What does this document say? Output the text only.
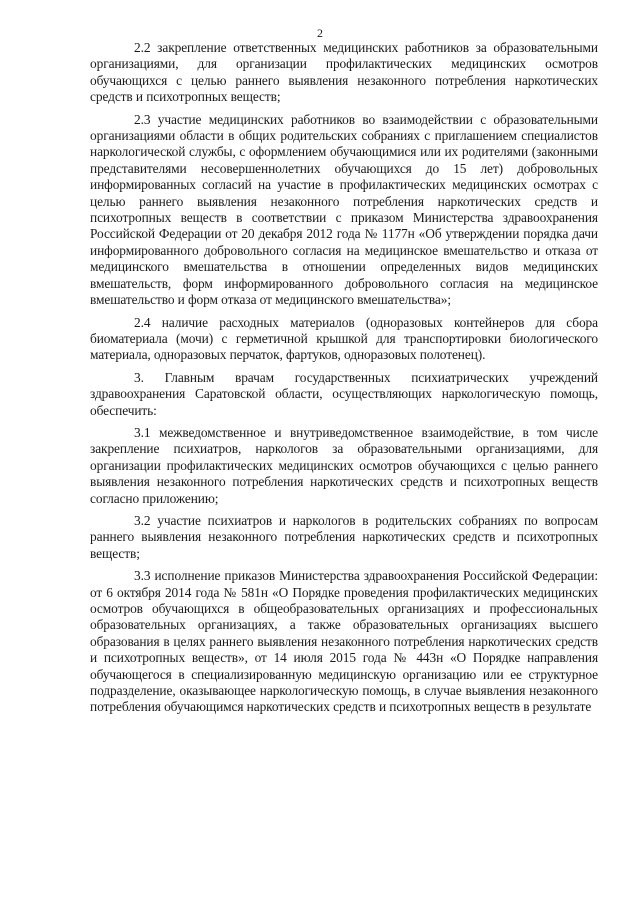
2

2.2 закрепление ответственных медицинских работников за образовательными организациями, для организации профилактических медицинских осмотров обучающихся с целью раннего выявления незаконного потребления наркотических средств и психотропных веществ;

2.3 участие медицинских работников во взаимодействии с образовательными организациями области в общих родительских собраниях с приглашением специалистов наркологической службы, с оформлением обучающимися или их родителями (законными представителями несовершеннолетних обучающихся до 15 лет) добровольных информированных согласий на участие в профилактических медицинских осмотрах с целью раннего выявления незаконного потребления наркотических средств и психотропных веществ в соответствии с приказом Министерства здравоохранения Российской Федерации от 20 декабря 2012 года № 1177н «Об утверждении порядка дачи информированного добровольного согласия на медицинское вмешательство и отказа от медицинского вмешательства в отношении определенных видов медицинских вмешательств, форм информированного добровольного согласия на медицинское вмешательство и форм отказа от медицинского вмешательства»;

2.4 наличие расходных материалов (одноразовых контейнеров для сбора биоматериала (мочи) с герметичной крышкой для транспортировки биологического материала, одноразовых перчаток, фартуков, одноразовых полотенец).

3. Главным врачам государственных психиатрических учреждений здравоохранения Саратовской области, осуществляющих наркологическую помощь, обеспечить:

3.1 межведомственное и внутриведомственное взаимодействие, в том числе закрепление психиатров, наркологов за образовательными организациями, для организации профилактических медицинских осмотров обучающихся с целью раннего выявления незаконного потребления наркотических средств и психотропных веществ согласно приложению;

3.2 участие психиатров и наркологов в родительских собраниях по вопросам раннего выявления незаконного потребления наркотических средств и психотропных веществ;

3.3 исполнение приказов Министерства здравоохранения Российской Федерации: от 6 октября 2014 года № 581н «О Порядке проведения профилактических медицинских осмотров обучающихся в общеобразовательных организациях и профессиональных образовательных организациях, а также образовательных организациях высшего образования в целях раннего выявления незаконного потребления наркотических средств и психотропных веществ», от 14 июля 2015 года № 443н «О Порядке направления обучающегося в специализированную медицинскую организацию или ее структурное подразделение, оказывающее наркологическую помощь, в случае выявления незаконного потребления обучающимся наркотических средств и психотропных веществ в результате
